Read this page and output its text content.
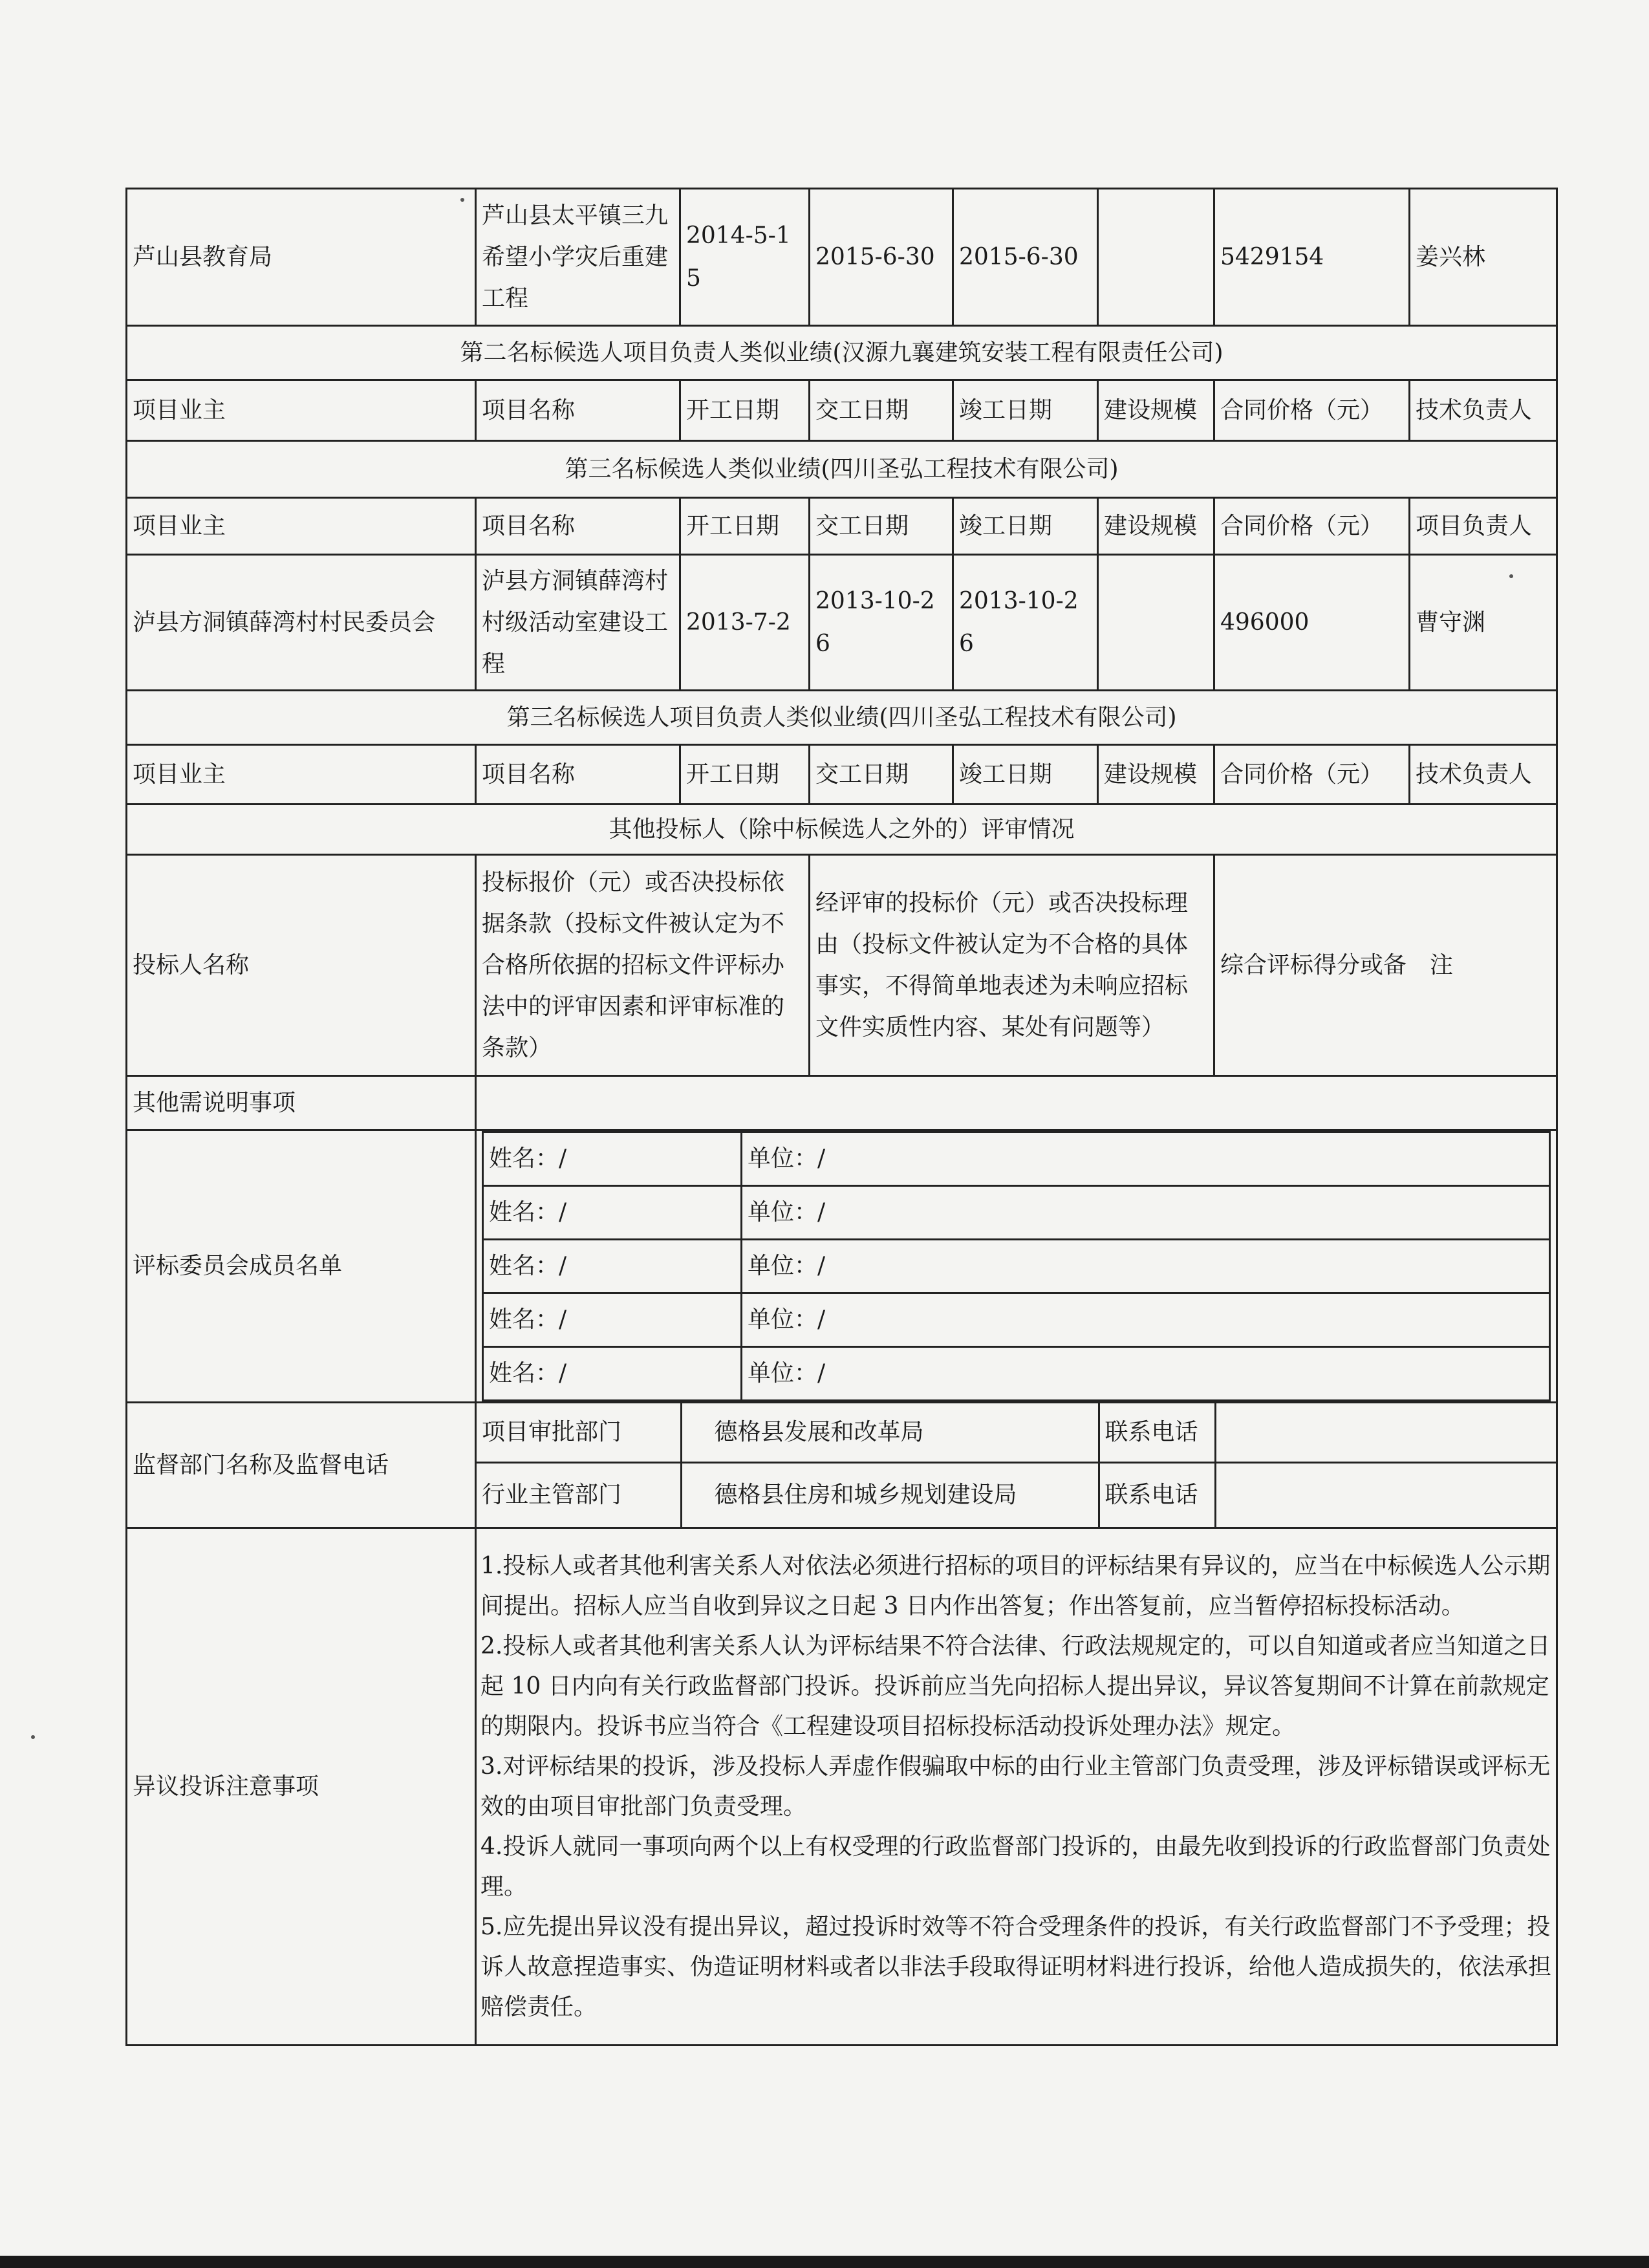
芦山县教育局	芦山县太平镇三九希望小学灾后重建工程	2014-5-15	2015-6-30	2015-6-30		5429154	姜兴林
第二名标候选人项目负责人类似业绩(汉源九襄建筑安装工程有限责任公司)
项目业主	项目名称	开工日期	交工日期	竣工日期	建设规模	合同价格（元）	技术负责人
第三名标候选人类似业绩(四川圣弘工程技术有限公司)
项目业主	项目名称	开工日期	交工日期	竣工日期	建设规模	合同价格（元）	项目负责人
泸县方洞镇薛湾村村民委员会	泸县方洞镇薛湾村村级活动室建设工程	2013-7-2	2013-10-26	2013-10-26		496000	曹守渊
第三名标候选人项目负责人类似业绩(四川圣弘工程技术有限公司)
项目业主	项目名称	开工日期	交工日期	竣工日期	建设规模	合同价格（元）	技术负责人
其他投标人（除中标候选人之外的）评审情况
投标人名称	投标报价（元）或否决投标依据条款（投标文件被认定为不合格所依据的招标文件评标办法中的评审因素和评审标准的条款）	经评审的投标价（元）或否决投标理由（投标文件被认定为不合格的具体事实，不得简单地表述为未响应招标文件实质性内容、某处有问题等）	综合评标得分或备　注
其他需说明事项	
评标委员会成员名单	
姓名：/	单位：/
姓名：/	单位：/
姓名：/	单位：/
姓名：/	单位：/
姓名：/	单位：/

监督部门名称及监督电话	
项目审批部门	德格县发展和改革局	联系电话	
行业主管部门	德格县住房和城乡规划建设局	联系电话	

异议投诉注意事项	

1.投标人或者其他利害关系人对依法必须进行招标的项目的评标结果有异议的，应当在中标候选人公示期间提出。招标人应当自收到异议之日起 3 日内作出答复；作出答复前，应当暂停招标投标活动。

2.投标人或者其他利害关系人认为评标结果不符合法律、行政法规规定的，可以自知道或者应当知道之日起 10 日内向有关行政监督部门投诉。投诉前应当先向招标人提出异议，异议答复期间不计算在前款规定的期限内。投诉书应当符合《工程建设项目招标投标活动投诉处理办法》规定。

3.对评标结果的投诉，涉及投标人弄虚作假骗取中标的由行业主管部门负责受理，涉及评标错误或评标无效的由项目审批部门负责受理。

4.投诉人就同一事项向两个以上有权受理的行政监督部门投诉的，由最先收到投诉的行政监督部门负责处理。

5.应先提出异议没有提出异议，超过投诉时效等不符合受理条件的投诉，有关行政监督部门不予受理；投诉人故意捏造事实、伪造证明材料或者以非法手段取得证明材料进行投诉，给他人造成损失的，依法承担赔偿责任。
